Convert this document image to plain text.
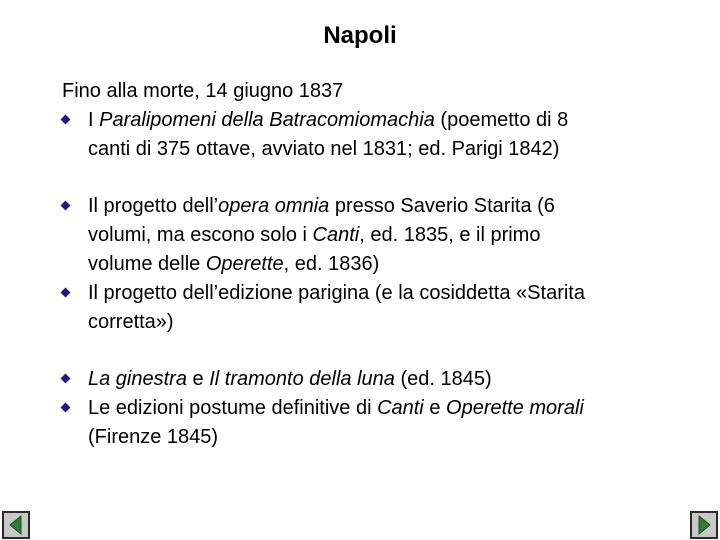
Napoli

Fino alla morte, 14 giugno 1837

I Paralipomeni della Batracomiomachia (poemetto di 8

canti di 375 ottave, avviato nel 1831; ed. Parigi 1842)

Il progetto dell’opera omnia presso Saverio Starita (6

volumi, ma escono solo i Canti, ed. 1835, e il primo

volume delle Operette, ed. 1836)

Il progetto dell’edizione parigina (e la cosiddetta «Starita

corretta»)

La ginestra e Il tramonto della luna (ed. 1845)

Le edizioni postume definitive di Canti e Operette morali

(Firenze 1845)
